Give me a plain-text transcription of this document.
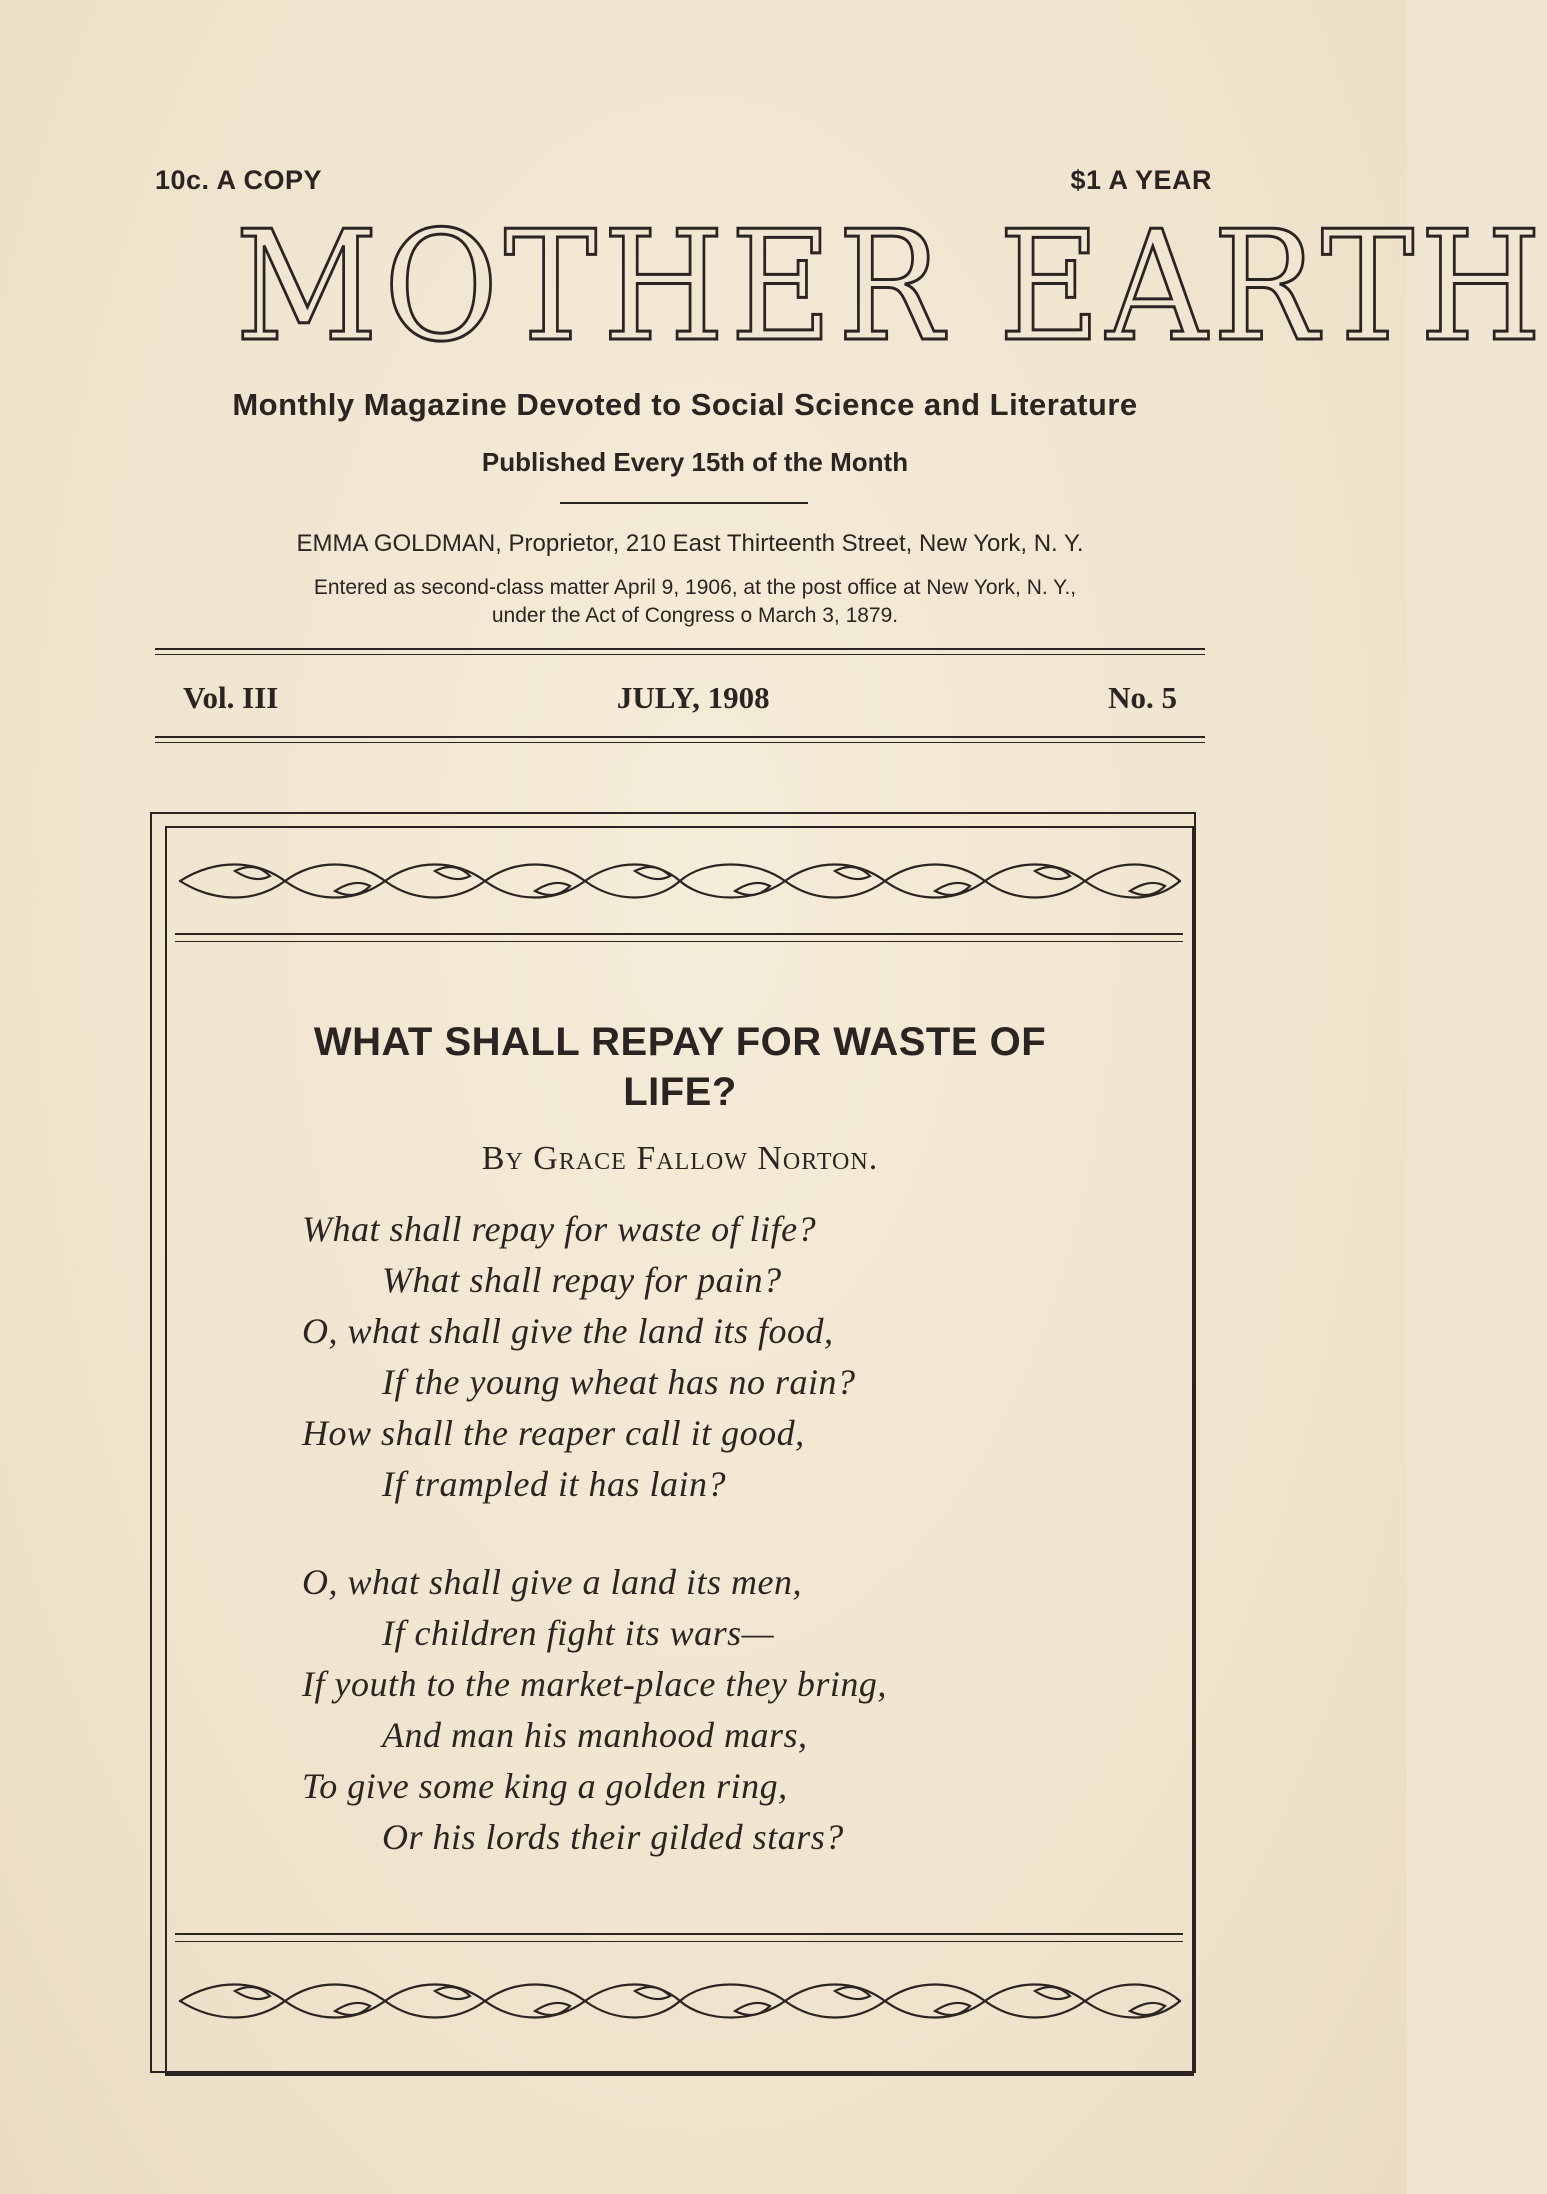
10c. A COPY	$1 A YEAR
MOTHER EARTH
Monthly Magazine Devoted to Social Science and Literature
Published Every 15th of the Month
EMMA GOLDMAN, Proprietor, 210 East Thirteenth Street, New York, N. Y.
Entered as second-class matter April 9, 1906, at the post office at New York, N. Y.,
under the Act of Congress o March 3, 1879.
Vol. III	JULY, 1908	No. 5
WHAT SHALL REPAY FOR WASTE OF
LIFE?
By Grace Fallow Norton.
What shall repay for waste of life?
What shall repay for pain?
O, what shall give the land its food,
If the young wheat has no rain?
How shall the reaper call it good,
If trampled it has lain?
O, what shall give a land its men,
If children fight its wars—
If youth to the market-place they bring,
And man his manhood mars,
To give some king a golden ring,
Or his lords their gilded stars?
